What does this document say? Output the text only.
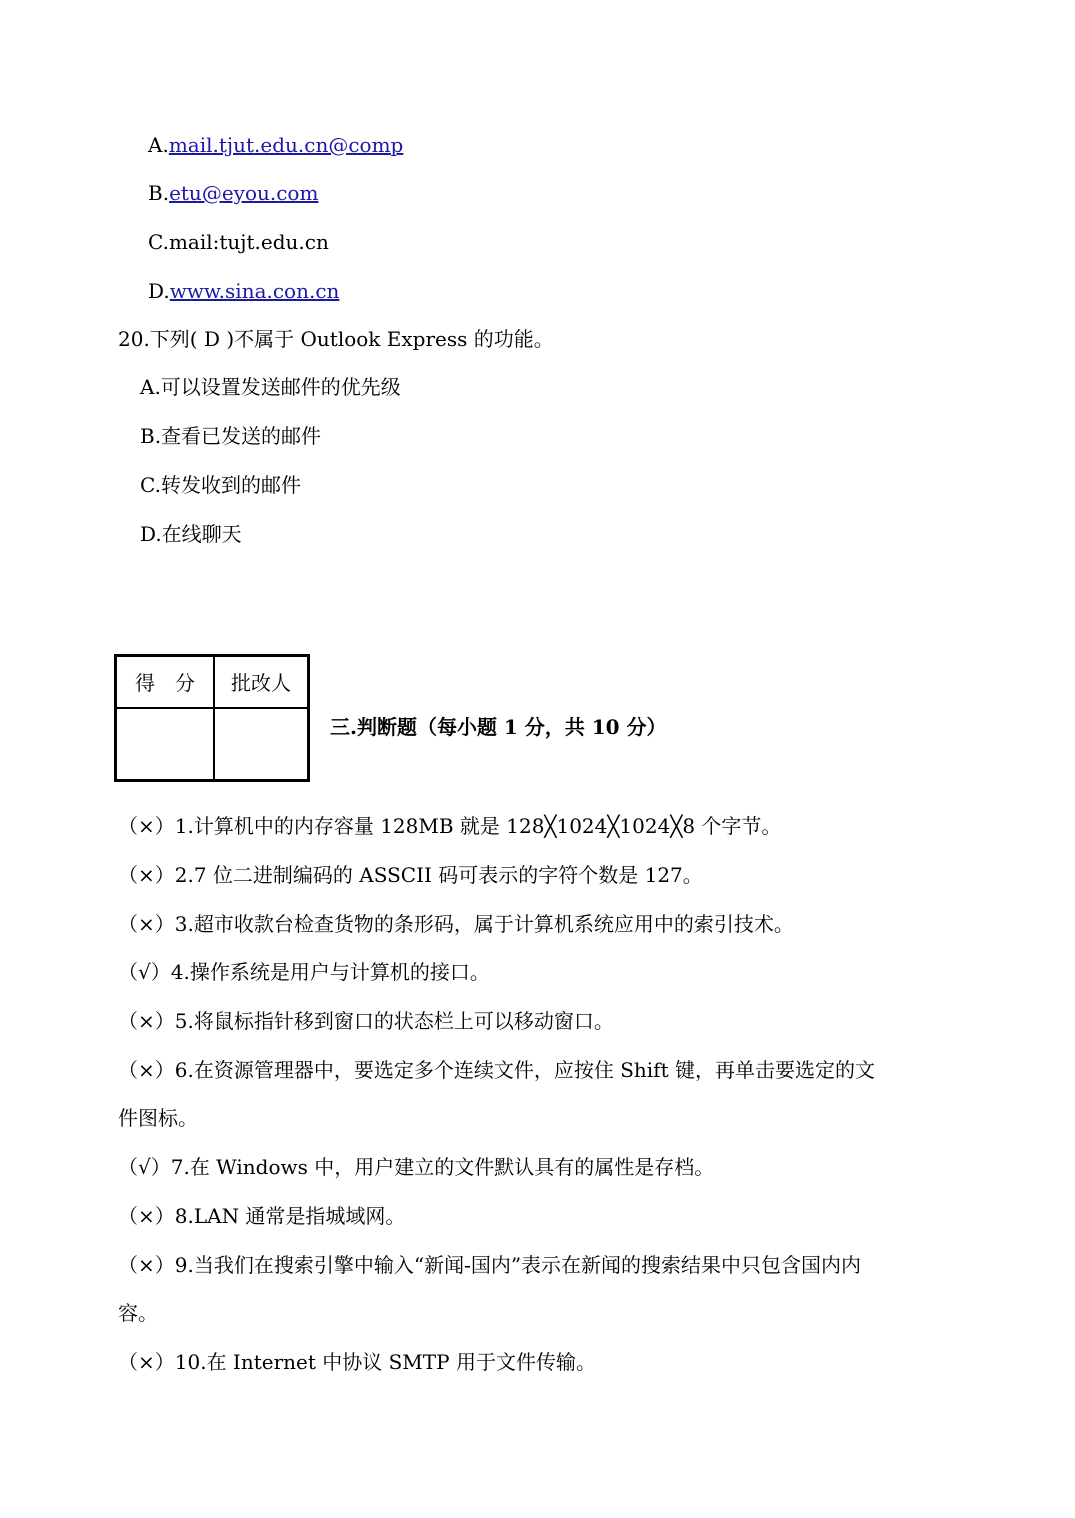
A.mail.tjut.edu.cn@comp
B.etu@eyou.com
C.mail:tujt.edu.cn
D.www.sina.con.cn
20.下列( D )不属于 Outlook Express 的功能。
A.可以设置发送邮件的优先级
B.查看已发送的邮件
C.转发收到的邮件
D.在线聊天
得　分	批改人
三.判断题（每小题 1 分，共 10 分）
（×）1.计算机中的内存容量 128MB 就是 128╳1024╳1024╳8 个字节。
（×）2.7 位二进制编码的 ASSCII 码可表示的字符个数是 127。
（×）3.超市收款台检查货物的条形码，属于计算机系统应用中的索引技术。
（√）4.操作系统是用户与计算机的接口。
（×）5.将鼠标指针移到窗口的状态栏上可以移动窗口。
（×）6.在资源管理器中，要选定多个连续文件，应按住 Shift 键，再单击要选定的文
件图标。
（√）7.在 Windows 中，用户建立的文件默认具有的属性是存档。
（×）8.LAN 通常是指城域网。
（×）9.当我们在搜索引擎中输入“新闻-国内”表示在新闻的搜索结果中只包含国内内
容。
（×）10.在 Internet 中协议 SMTP 用于文件传输。
